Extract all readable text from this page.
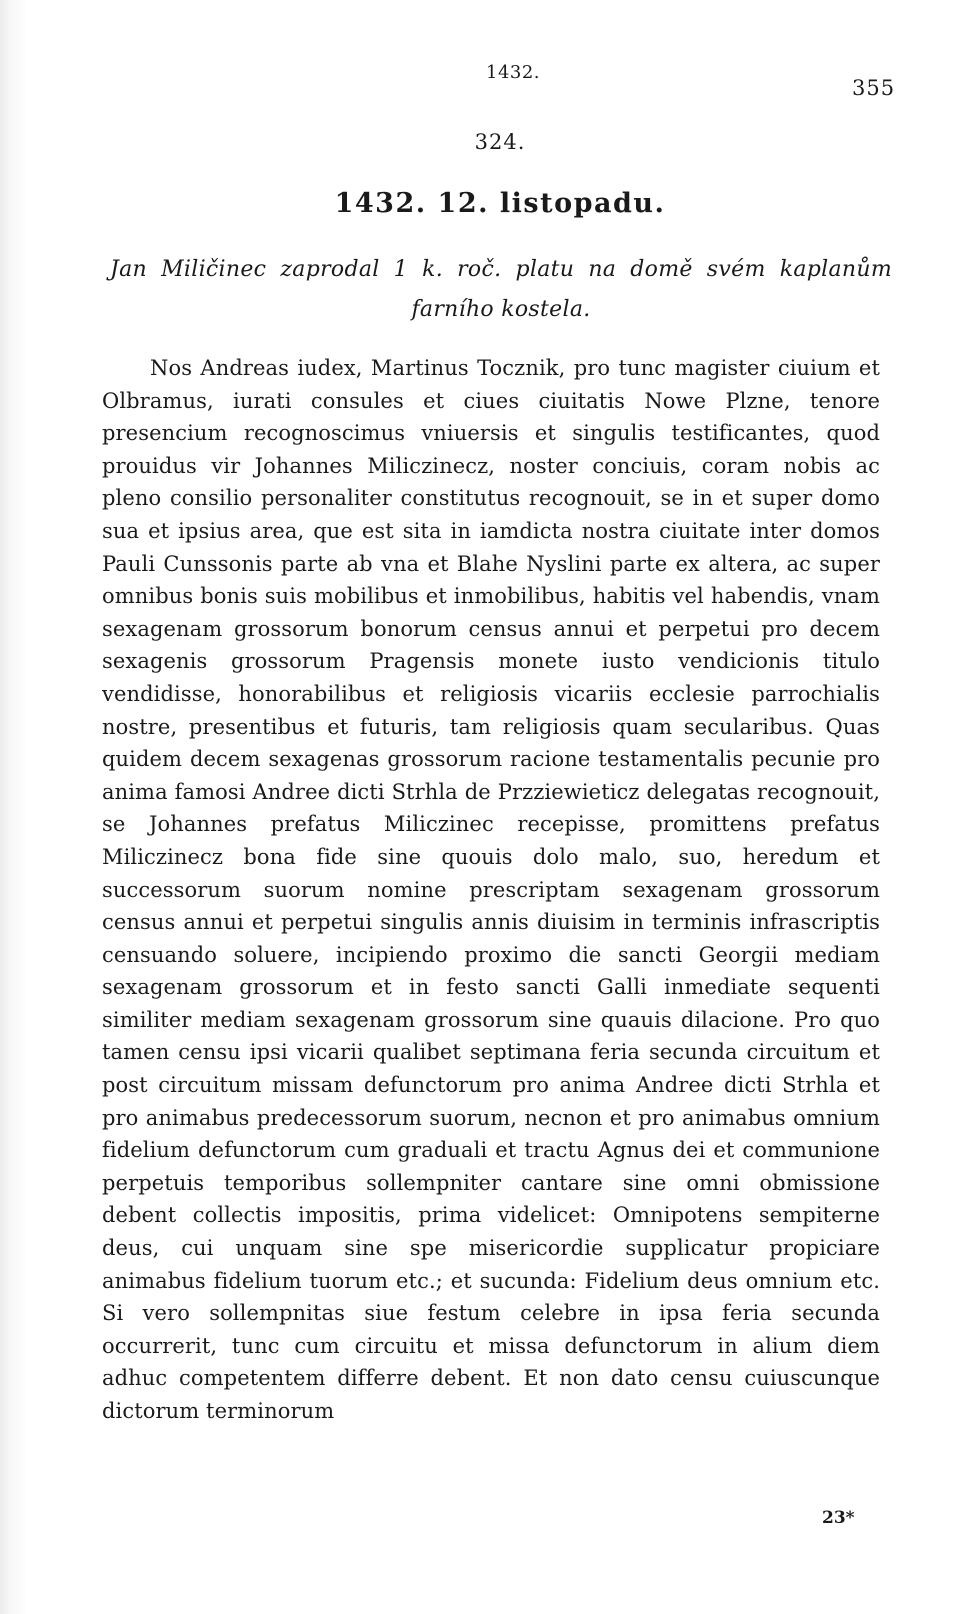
1432.
355
324.
1432. 12. listopadu.
Jan Miličinec zaprodal 1 k. roč. platu na domě svém kaplanům farního kostela.
Nos Andreas iudex, Martinus Tocznik, pro tunc magister ciuium et Olbramus, iurati consules et ciues ciuitatis Nowe Plzne, tenore presencium recognoscimus vniuersis et singulis testificantes, quod prouidus vir Johannes Miliczinecz, noster conciuis, coram nobis ac pleno consilio personaliter constitutus recognouit, se in et super domo sua et ipsius area, que est sita in iamdicta nostra ciuitate inter domos Pauli Cunssonis parte ab vna et Blahe Nyslini parte ex altera, ac super omnibus bonis suis mobilibus et inmobilibus, habitis vel habendis, vnam sexagenam grossorum bonorum census annui et perpetui pro decem sexagenis grossorum Pragensis monete iusto vendicionis titulo vendidisse, honorabilibus et religiosis vicariis ecclesie parrochialis nostre, presentibus et futuris, tam religiosis quam secularibus. Quas quidem decem sexagenas grossorum racione testamentalis pecunie pro anima famosi Andree dicti Strhla de Przziewieticz delegatas recognouit, se Johannes prefatus Miliczinec recepisse, promittens prefatus Miliczinecz bona fide sine quouis dolo malo, suo, heredum et successorum suorum nomine prescriptam sexagenam grossorum census annui et perpetui singulis annis diuisim in terminis infrascriptis censuando soluere, incipiendo proximo die sancti Georgii mediam sexagenam grossorum et in festo sancti Galli inmediate sequenti similiter mediam sexagenam grossorum sine quauis dilacione. Pro quo tamen censu ipsi vicarii qualibet septimana feria secunda circuitum et post circuitum missam defunctorum pro anima Andree dicti Strhla et pro animabus predecessorum suorum, necnon et pro animabus omnium fidelium defunctorum cum graduali et tractu Agnus dei et communione perpetuis temporibus sollempniter cantare sine omni obmissione debent collectis impositis, prima videlicet: Omnipotens sempiterne deus, cui unquam sine spe misericordie supplicatur propiciare animabus fidelium tuorum etc.; et sucunda: Fidelium deus omnium etc. Si vero sollempnitas siue festum celebre in ipsa feria secunda occurrerit, tunc cum circuitu et missa defunctorum in alium diem adhuc competentem differre debent. Et non dato censu cuiuscunque dictorum terminorum
23*
